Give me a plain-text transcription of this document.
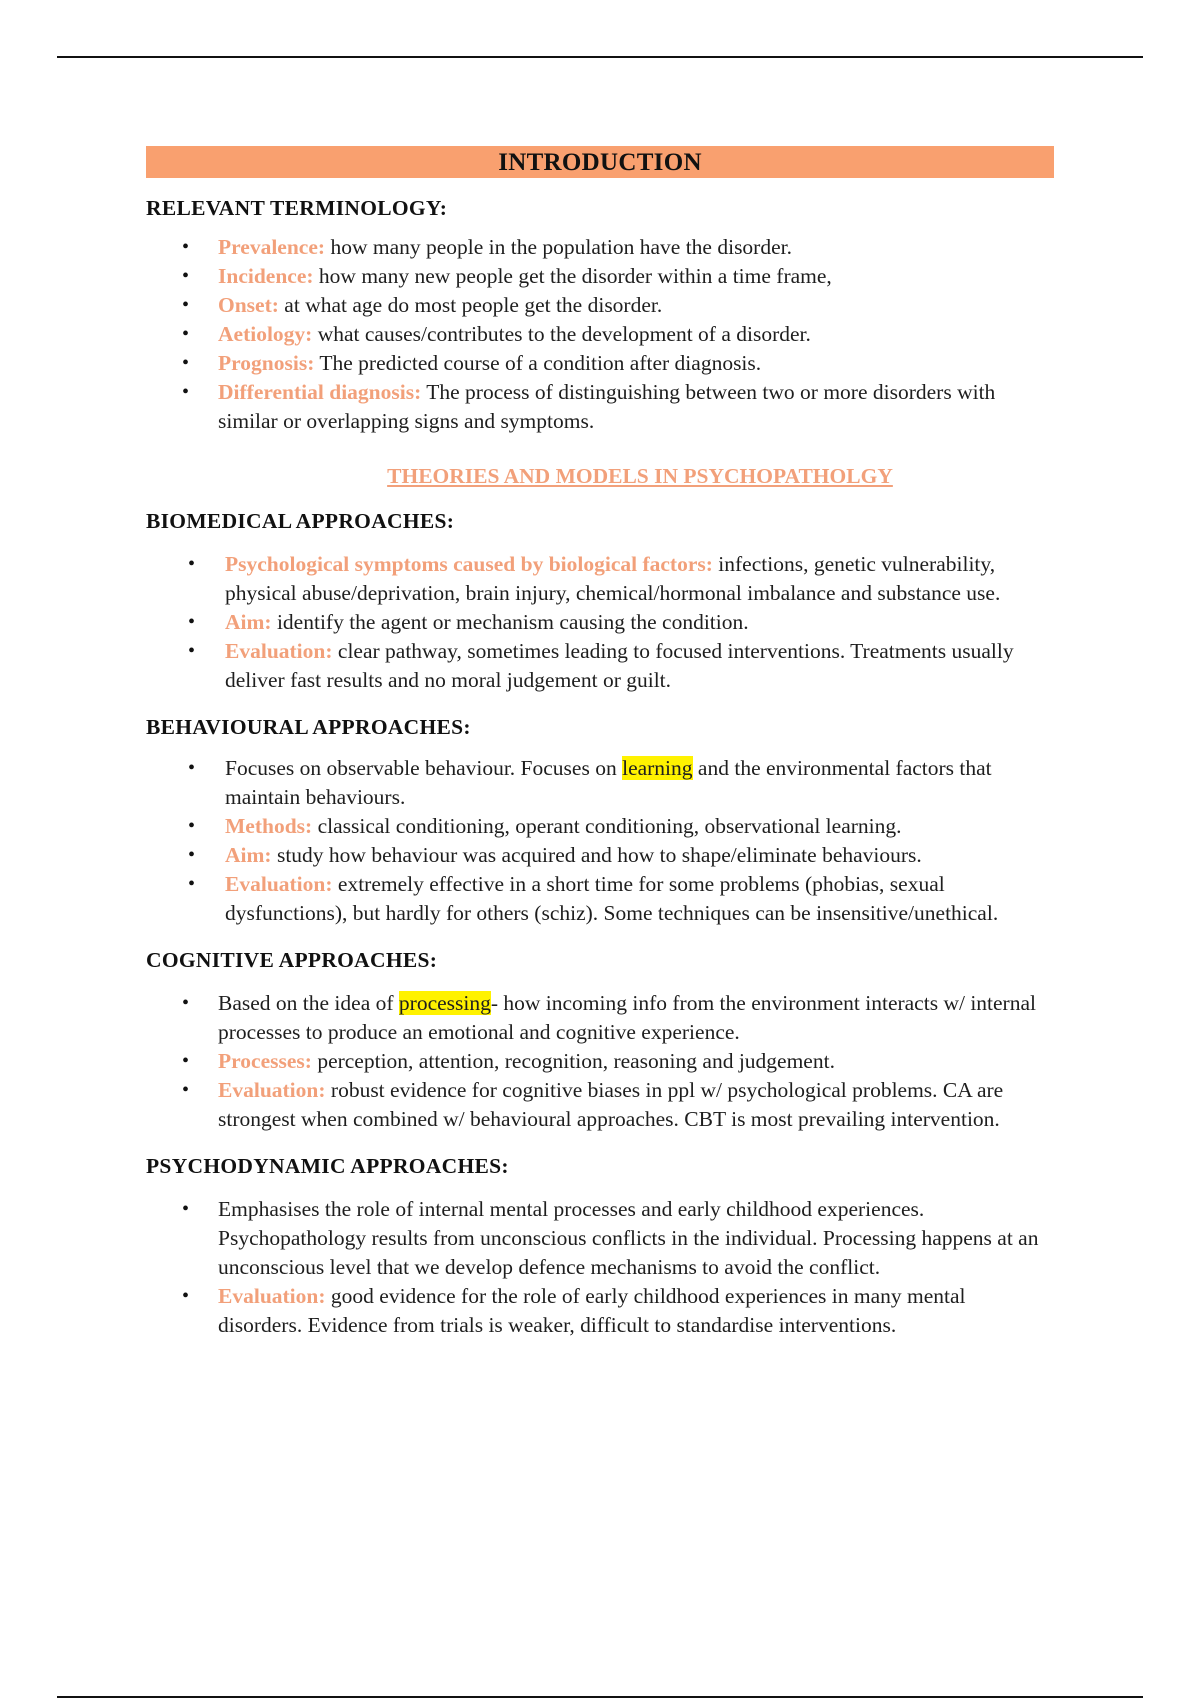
INTRODUCTION
RELEVANT TERMINOLOGY:
• Prevalence: how many people in the population have the disorder.
• Incidence: how many new people get the disorder within a time frame,
• Onset: at what age do most people get the disorder.
• Aetiology: what causes/contributes to the development of a disorder.
• Prognosis: The predicted course of a condition after diagnosis.
• Differential diagnosis: The process of distinguishing between two or more disorders with similar or overlapping signs and symptoms.
THEORIES AND MODELS IN PSYCHOPATHOLGY
BIOMEDICAL APPROACHES:
• Psychological symptoms caused by biological factors: infections, genetic vulnerability, physical abuse/deprivation, brain injury, chemical/hormonal imbalance and substance use.
• Aim: identify the agent or mechanism causing the condition.
• Evaluation: clear pathway, sometimes leading to focused interventions. Treatments usually deliver fast results and no moral judgement or guilt.
BEHAVIOURAL APPROACHES:
• Focuses on observable behaviour. Focuses on learning and the environmental factors that maintain behaviours.
• Methods: classical conditioning, operant conditioning, observational learning.
• Aim: study how behaviour was acquired and how to shape/eliminate behaviours.
• Evaluation: extremely effective in a short time for some problems (phobias, sexual dysfunctions), but hardly for others (schiz). Some techniques can be insensitive/unethical.
COGNITIVE APPROACHES:
• Based on the idea of processing- how incoming info from the environment interacts w/ internal processes to produce an emotional and cognitive experience.
• Processes: perception, attention, recognition, reasoning and judgement.
• Evaluation: robust evidence for cognitive biases in ppl w/ psychological problems. CA are strongest when combined w/ behavioural approaches. CBT is most prevailing intervention.
PSYCHODYNAMIC APPROACHES:
• Emphasises the role of internal mental processes and early childhood experiences. Psychopathology results from unconscious conflicts in the individual. Processing happens at an unconscious level that we develop defence mechanisms to avoid the conflict.
• Evaluation: good evidence for the role of early childhood experiences in many mental disorders. Evidence from trials is weaker, difficult to standardise interventions.
